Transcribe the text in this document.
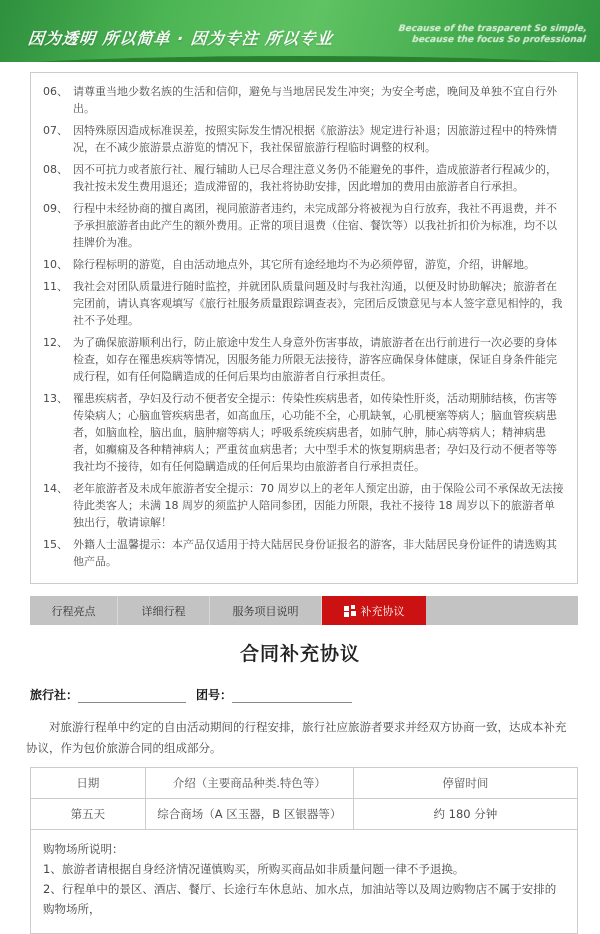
因为透明 所以简单 · 因为专注 所以专业	Because of the trasparent So simple,
because the focus So professional
06、 请尊重当地少数名族的生活和信仰，避免与当地居民发生冲突；为安全考虑，晚间及单独不宜自行外出。
07、 因特殊原因造成标准误差，按照实际发生情况根据《旅游法》规定进行补退；因旅游过程中的特殊情况，在不减少旅游景点游览的情况下，我社保留旅游行程临时调整的权利。
08、 因不可抗力或者旅行社、履行辅助人已尽合理注意义务仍不能避免的事件，造成旅游者行程减少的，我社按未发生费用退还；造成滞留的，我社将协助安排，因此增加的费用由旅游者自行承担。
09、 行程中未经协商的擅自离团，视同旅游者违约，未完成部分将被视为自行放弃，我社不再退费，并不予承担旅游者由此产生的额外费用。正常的项目退费（住宿、餐饮等）以我社折扣价为标准，均不以挂牌价为准。
10、 除行程标明的游览，自由活动地点外，其它所有途经地均不为必须停留，游览，介绍，讲解地。
11、 我社会对团队质量进行随时监控，并就团队质量问题及时与我社沟通，以便及时协助解决；旅游者在完团前，请认真客观填写《旅行社服务质量跟踪调查表》，完团后反馈意见与本人签字意见相悖的，我社不予处理。
12、 为了确保旅游顺利出行，防止旅途中发生人身意外伤害事故，请旅游者在出行前进行一次必要的身体检查，如存在罹患疾病等情况，因服务能力所限无法接待，游客应确保身体健康，保证自身条件能完成行程，如有任何隐瞒造成的任何后果均由旅游者自行承担责任。
13、 罹患疾病者，孕妇及行动不便者安全提示：传染性疾病患者，如传染性肝炎，活动期肺结核，伤害等传染病人；心脑血管疾病患者，如高血压，心功能不全，心肌缺氧，心肌梗塞等病人；脑血管疾病患者，如脑血栓，脑出血，脑肿瘤等病人；呼吸系统疾病患者，如肺气肿，肺心病等病人；精神病患者，如癫痫及各种精神病人；严重贫血病患者；大中型手术的恢复期病患者；孕妇及行动不便者等等我社均不接待，如有任何隐瞒造成的任何后果均由旅游者自行承担责任。
14、 老年旅游者及未成年旅游者安全提示：70 周岁以上的老年人预定出游，由于保险公司不承保故无法接待此类客人；未满 18 周岁的须监护人陪同参团，因能力所限，我社不接待 18 周岁以下的旅游者单独出行，敬请谅解！
15、 外籍人士温馨提示：本产品仅适用于持大陆居民身份证报名的游客，非大陆居民身份证件的请选购其他产品。
行程亮点	详细行程	服务项目说明	补充协议
合同补充协议
旅行社：	团号：

对旅游行程单中约定的自由活动期间的行程安排，旅行社应旅游者要求并经双方协商一致，达成本补充协议，作为包价旅游合同的组成部分。

日期	介绍（主要商品种类.特色等）	停留时间
第五天	综合商场（A 区玉器，B 区银器等）	约 180 分钟

购物场所说明：

1、旅游者请根据自身经济情况谨慎购买，所购买商品如非质量问题一律不予退换。

2、行程单中的景区、酒店、餐厅、长途行车休息站、加水点，加油站等以及周边购物店不属于安排的购物场所，		
